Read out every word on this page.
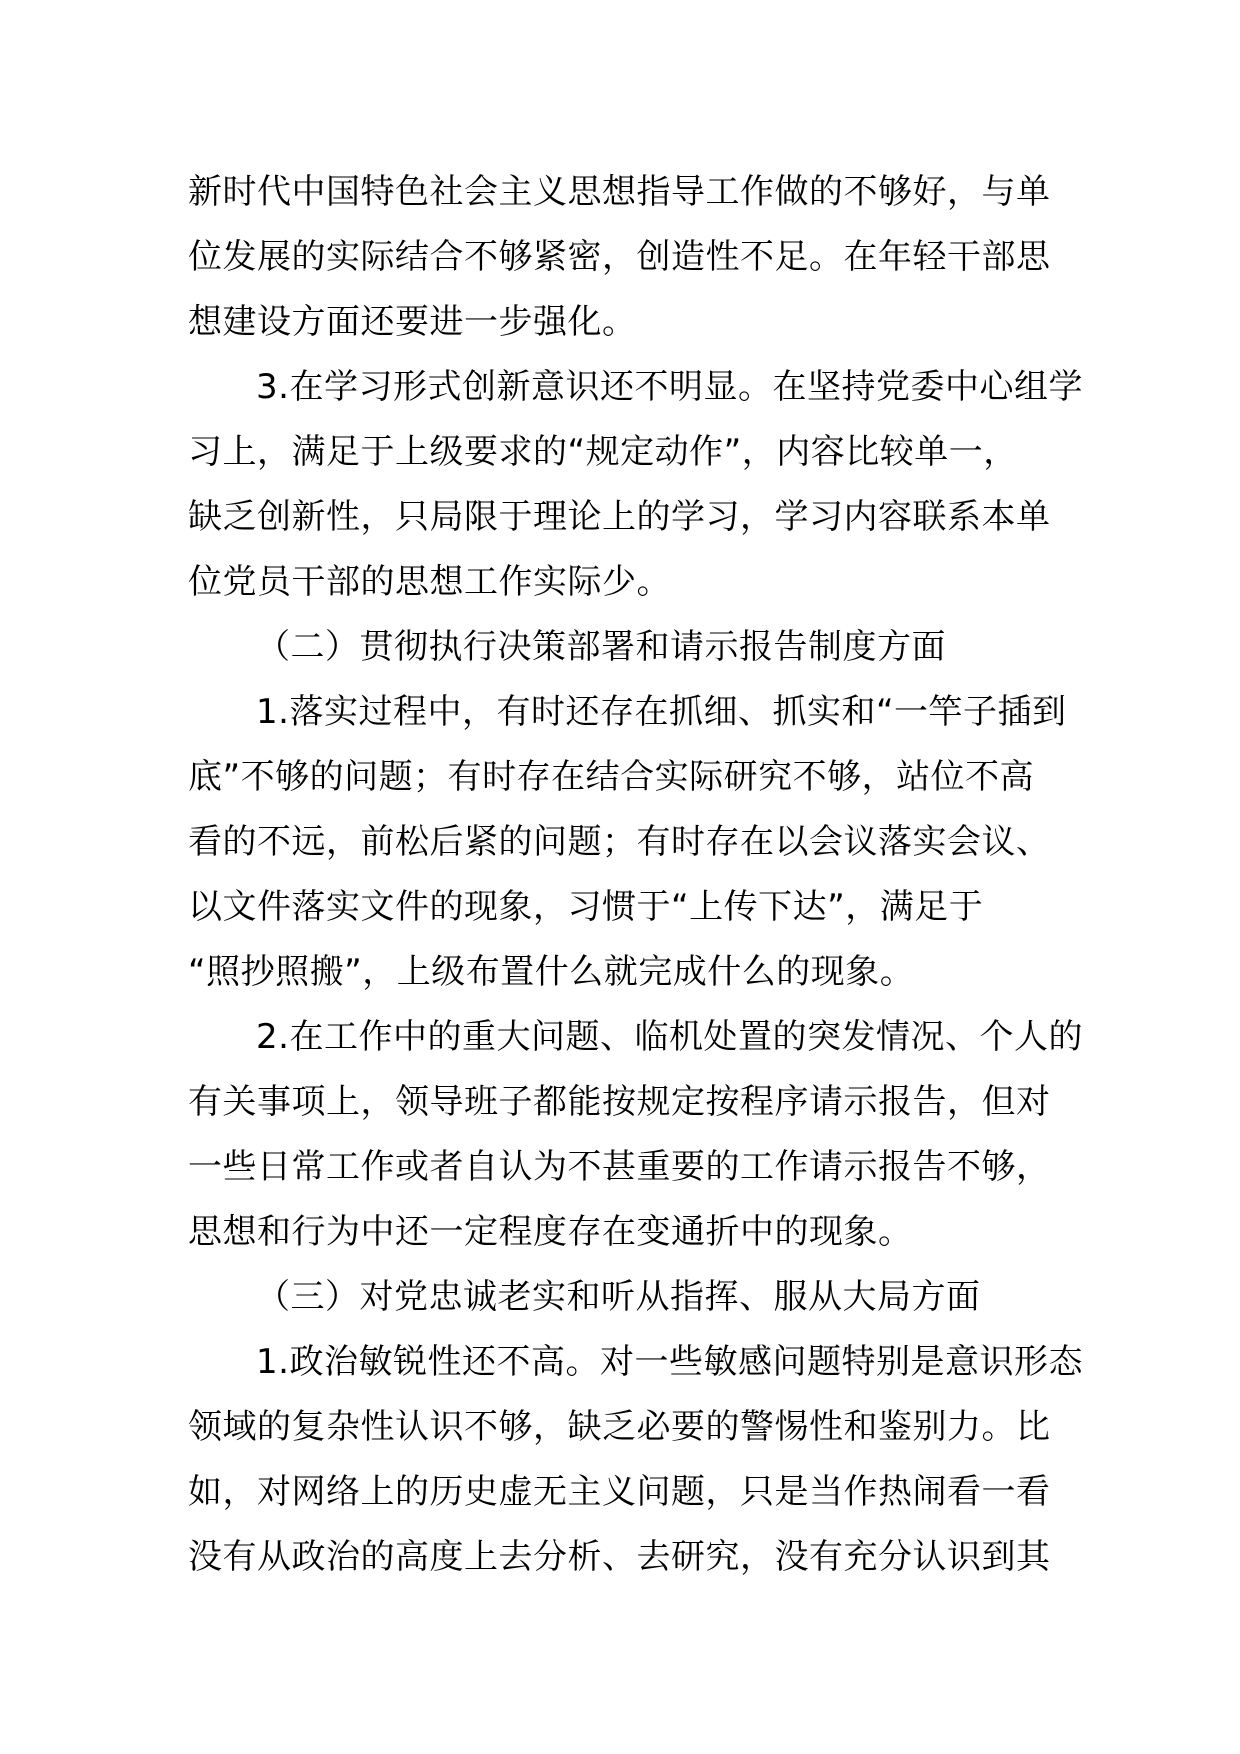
新时代中国特色社会主义思想指导工作做的不够好，与单
位发展的实际结合不够紧密，创造性不足。在年轻干部思
想建设方面还要进一步强化。
3.在学习形式创新意识还不明显。在坚持党委中心组学
习上，满足于上级要求的“规定动作”，内容比较单一，
缺乏创新性，只局限于理论上的学习，学习内容联系本单
位党员干部的思想工作实际少。
（二）贯彻执行决策部署和请示报告制度方面
1.落实过程中，有时还存在抓细、抓实和“一竿子插到
底”不够的问题；有时存在结合实际研究不够，站位不高
看的不远，前松后紧的问题；有时存在以会议落实会议、
以文件落实文件的现象，习惯于“上传下达”，满足于
“照抄照搬”，上级布置什么就完成什么的现象。
2.在工作中的重大问题、临机处置的突发情况、个人的
有关事项上，领导班子都能按规定按程序请示报告，但对
一些日常工作或者自认为不甚重要的工作请示报告不够，
思想和行为中还一定程度存在变通折中的现象。
（三）对党忠诚老实和听从指挥、服从大局方面
1.政治敏锐性还不高。对一些敏感问题特别是意识形态
领域的复杂性认识不够，缺乏必要的警惕性和鉴别力。比
如，对网络上的历史虚无主义问题，只是当作热闹看一看
没有从政治的高度上去分析、去研究，没有充分认识到其
